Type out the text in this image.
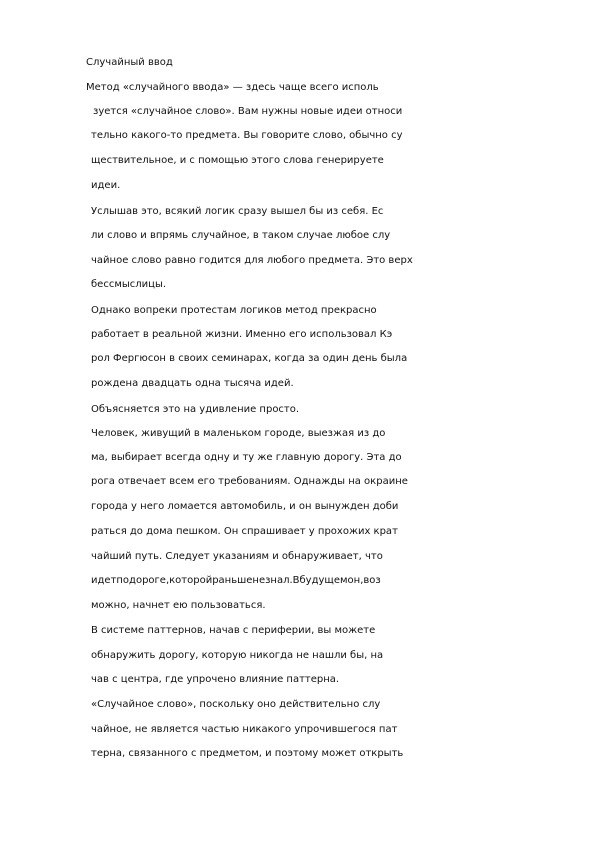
Случайный ввод
Метод «случайного ввода» — здесь чаще всего исполь
зуется «случайное слово». Вам нужны новые идеи относи
тельно какого-то предмета. Вы говорите слово, обычно су
ществительное, и с помощью этого слова генерируете
идеи.
Услышав это, всякий логик сразу вышел бы из себя. Ес
ли слово и впрямь случайное, в таком случае любое слу
чайное слово равно годится для любого предмета. Это верх
бессмыслицы.
Однако вопреки протестам логиков метод прекрасно
работает в реальной жизни. Именно его использовал Кэ
рол Фергюсон в своих семинарах, когда за один день была
рождена двадцать одна тысяча идей.
Объясняется это на удивление просто.
Человек, живущий в маленьком городе, выезжая из до
ма, выбирает всегда одну и ту же главную дорогу. Эта до
рога отвечает всем его требованиям. Однажды на окраине
города у него ломается автомобиль, и он вынужден доби
раться до дома пешком. Он спрашивает у прохожих крат
чайший путь. Следует указаниям и обнаруживает, что
идетподороге,которойраньшенезнал.Вбудущемон,воз
можно, начнет ею пользоваться.
В системе паттернов, начав с периферии, вы можете
обнаружить дорогу, которую никогда не нашли бы, на
чав с центра, где упрочено влияние паттерна.
«Случайное слово», поскольку оно действительно слу
чайное, не является частью никакого упрочившегося пат
терна, связанного с предметом, и поэтому может открыть
